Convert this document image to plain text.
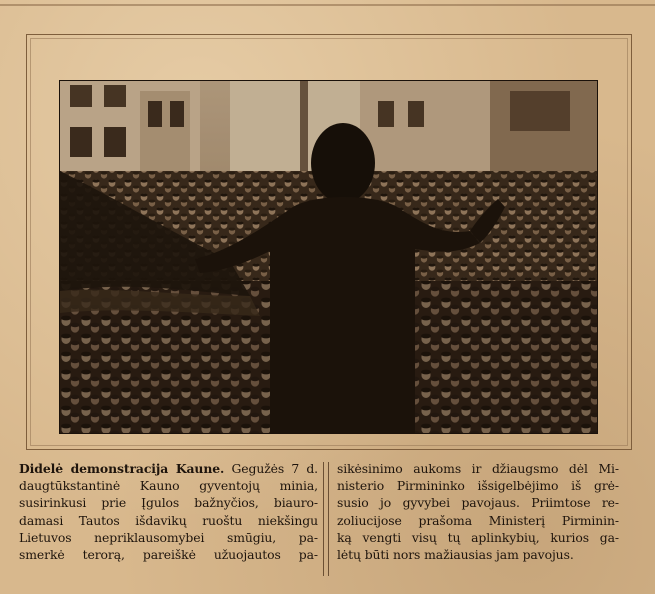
Didelė demonstracija Kaune. Gegužės 7 d.
daugtūkstantinė Kauno gyventojų minia,
susirinkusi prie Įgulos bažnyčios, biauro-
damasi Tautos išdavikų ruoštu niekšingu
Lietuvos nepriklausomybei smūgiu, pa-
smerkė terorą, pareiškė užuojautos pa-
sikėsinimo aukoms ir džiaugsmo dėl Mi-
nisterio Pirmininko išsigelbėjimo iš grė-
susio jo gyvybei pavojaus. Priimtose re-
zoliucijose prašoma Ministerį Pirminin-
ką vengti visų tų aplinkybių, kurios ga-
lėtų būti nors mažiausias jam pavojus.
